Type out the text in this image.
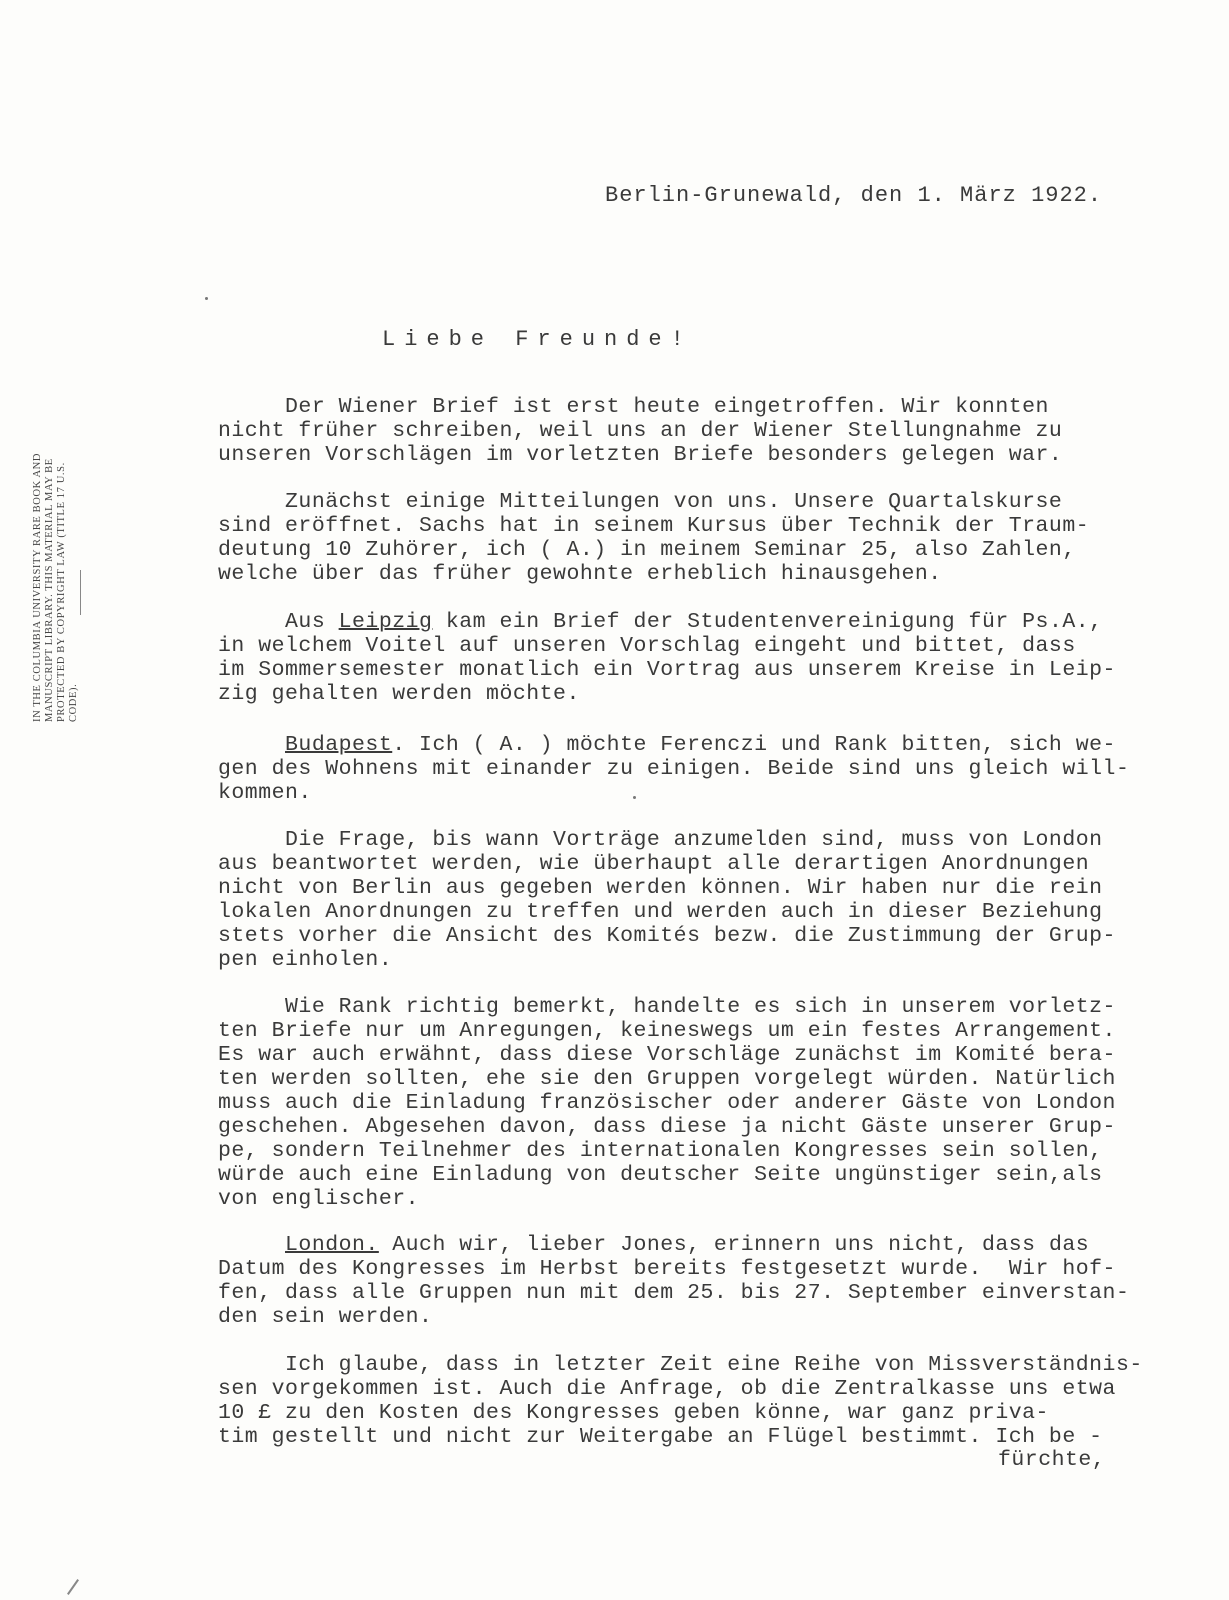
Berlin-Grunewald, den 1. März 1922.
Liebe Freunde!
Der Wiener Brief ist erst heute eingetroffen. Wir konnten
nicht früher schreiben, weil uns an der Wiener Stellungnahme zu
unseren Vorschlägen im vorletzten Briefe besonders gelegen war.
Zunächst einige Mitteilungen von uns. Unsere Quartalskurse
sind eröffnet. Sachs hat in seinem Kursus über Technik der Traum-
deutung 10 Zuhörer, ich ( A.) in meinem Seminar 25, also Zahlen,
welche über das früher gewohnte erheblich hinausgehen.
Aus Leipzig kam ein Brief der Studentenvereinigung für Ps.A.,
in welchem Voitel auf unseren Vorschlag eingeht und bittet, dass
im Sommersemester monatlich ein Vortrag aus unserem Kreise in Leip-
zig gehalten werden möchte.
Budapest. Ich ( A. ) möchte Ferenczi und Rank bitten, sich we-
gen des Wohnens mit einander zu einigen. Beide sind uns gleich will-
kommen.
Die Frage, bis wann Vorträge anzumelden sind, muss von London
aus beantwortet werden, wie überhaupt alle derartigen Anordnungen
nicht von Berlin aus gegeben werden können. Wir haben nur die rein
lokalen Anordnungen zu treffen und werden auch in dieser Beziehung
stets vorher die Ansicht des Komités bezw. die Zustimmung der Grup-
pen einholen.
Wie Rank richtig bemerkt, handelte es sich in unserem vorletz-
ten Briefe nur um Anregungen, keineswegs um ein festes Arrangement.
Es war auch erwähnt, dass diese Vorschläge zunächst im Komité bera-
ten werden sollten, ehe sie den Gruppen vorgelegt würden. Natürlich
muss auch die Einladung französischer oder anderer Gäste von London
geschehen. Abgesehen davon, dass diese ja nicht Gäste unserer Grup-
pe, sondern Teilnehmer des internationalen Kongresses sein sollen,
würde auch eine Einladung von deutscher Seite ungünstiger sein,als
von englischer.
London. Auch wir, lieber Jones, erinnern uns nicht, dass das
Datum des Kongresses im Herbst bereits festgesetzt wurde.  Wir hof-
fen, dass alle Gruppen nun mit dem 25. bis 27. September einverstan-
den sein werden.
Ich glaube, dass in letzter Zeit eine Reihe von Missverständnis-
sen vorgekommen ist. Auch die Anfrage, ob die Zentralkasse uns etwa
10 £ zu den Kosten des Kongresses geben könne, war ganz priva-
tim gestellt und nicht zur Weitergabe an Flügel bestimmt. Ich be -
fürchte,
IN THE COLUMBIA UNIVERSITY RARE BOOK AND MANUSCRIPT LIBRARY. THIS MATERIAL MAY BE PROTECTED BY COPYRIGHT LAW (TITLE 17 U.S. CODE).
